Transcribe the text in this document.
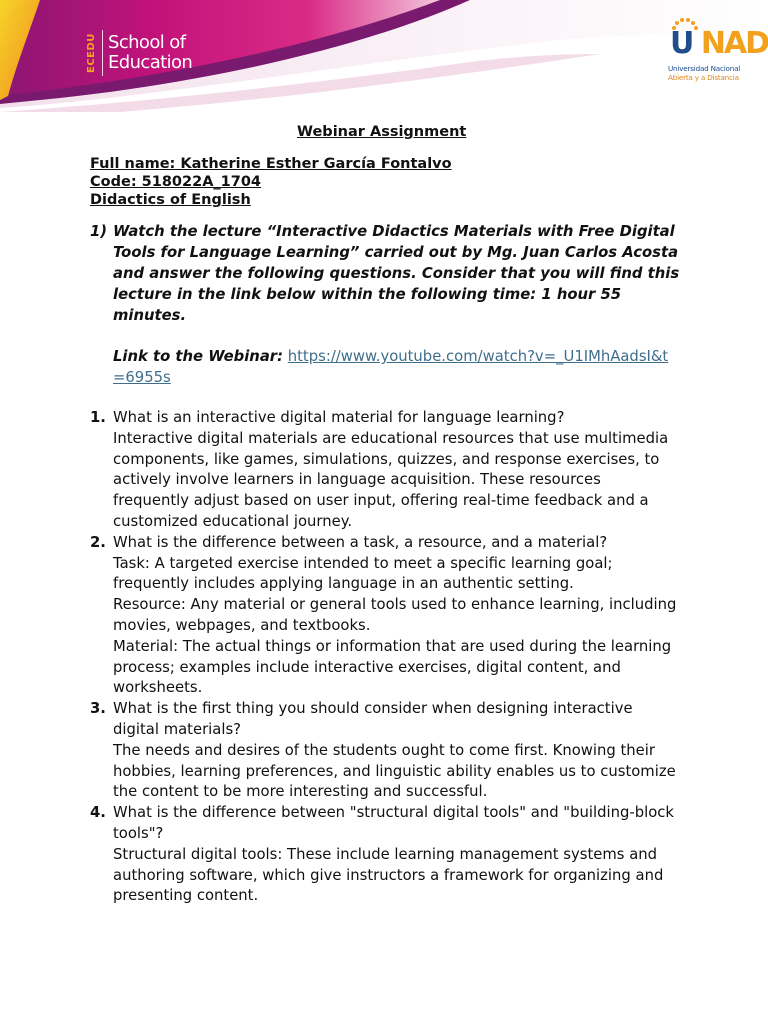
ECEDU School of
Education
U NAD
Universidad Nacional
Abierta y a Distancia
Webinar Assignment
Full name: Katherine Esther García Fontalvo
Code: 518022A_1704
Didactics of English
1) Watch the lecture “Interactive Didactics Materials with Free Digital Tools for Language Learning” carried out by Mg. Juan Carlos Acosta and answer the following questions. Consider that you will find this lecture in the link below within the following time: 1 hour 55 minutes.
Link to the Webinar: https://www.youtube.com/watch?v=_U1IMhAadsI&t=6955s
1. What is an interactive digital material for language learning?
Interactive digital materials are educational resources that use multimedia components, like games, simulations, quizzes, and response exercises, to actively involve learners in language acquisition. These resources frequently adjust based on user input, offering real-time feedback and a customized educational journey.
2. What is the difference between a task, a resource, and a material?
Task: A targeted exercise intended to meet a specific learning goal; frequently includes applying language in an authentic setting.
Resource: Any material or general tools used to enhance learning, including movies, webpages, and textbooks.
Material: The actual things or information that are used during the learning process; examples include interactive exercises, digital content, and worksheets.
3. What is the first thing you should consider when designing interactive digital materials?
The needs and desires of the students ought to come first. Knowing their hobbies, learning preferences, and linguistic ability enables us to customize the content to be more interesting and successful.
4. What is the difference between "structural digital tools" and "building-block tools"?
Structural digital tools: These include learning management systems and authoring software, which give instructors a framework for organizing and presenting content.
